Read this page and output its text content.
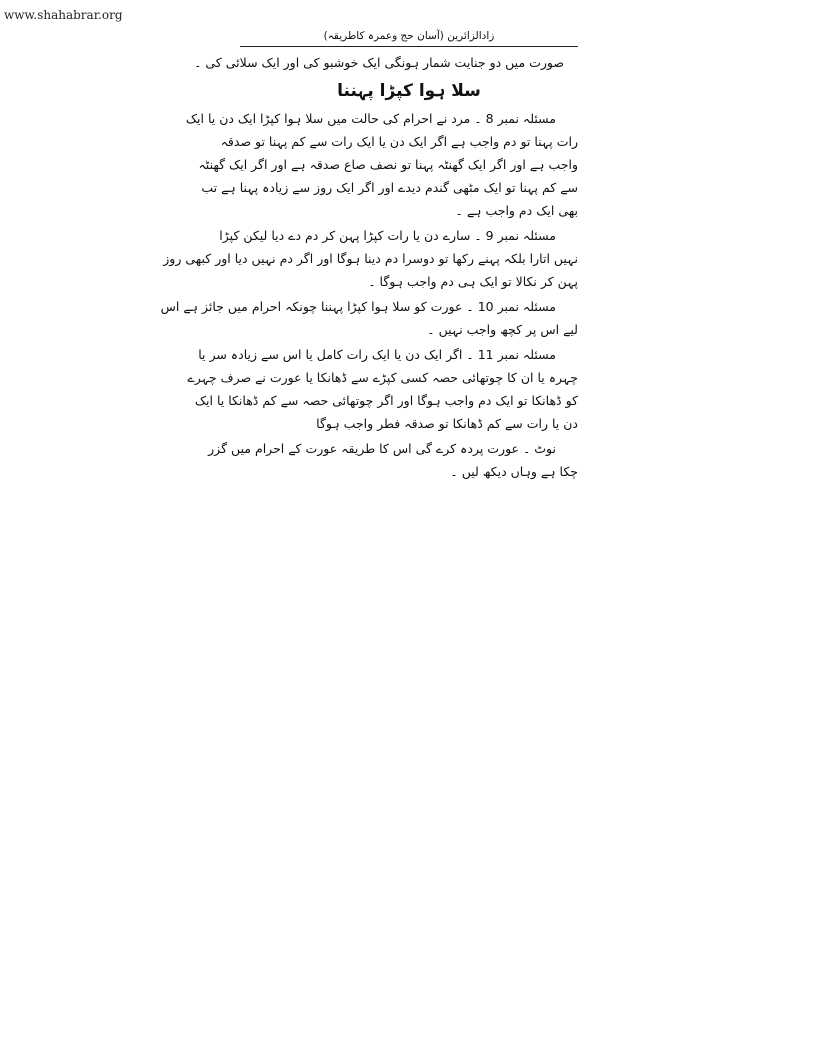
www.shahabrar.org
زادالزائرین (آسان حج وعمرہ کاطریقہ)
صورت میں دو جنایت شمار ہونگی ایک خوشبو کی اور ایک سلائی کی ۔
سلا ہوا کپڑا پہننا
مسئلہ نمبر 8 ۔ مرد نے احرام کی حالت میں سلا ہوا کپڑا ایک دن یا ایک
رات پہنا تو دم واجب ہے اگر ایک دن یا ایک رات سے کم پہنا تو صدقہ
واجب ہے اور اگر ایک گھنٹہ پہنا تو نصف صاع صدقہ ہے اور اگر ایک گھنٹہ
سے کم پہنا تو ایک مٹھی گندم دیدے اور اگر ایک روز سے زیادہ پہنا ہے تب
بھی ایک دم واجب ہے ۔
مسئلہ نمبر 9 ۔ سارے دن یا رات کپڑا پہن کر دم دے دیا لیکن کپڑا
نہیں اتارا بلکہ پہنے رکھا تو دوسرا دم دینا ہوگا اور اگر دم نہیں دیا اور کبھی روز
پہن کر نکالا تو ایک ہی دم واجب ہوگا ۔
مسئلہ نمبر 10 ۔ عورت کو سلا ہوا کپڑا پہننا چونکہ احرام میں جائز ہے اس
لیے اس پر کچھ واجب نہیں ۔
مسئلہ نمبر 11 ۔ اگر ایک دن یا ایک رات کامل یا اس سے زیادہ سر یا
چہرہ یا ان کا چوتھائی حصہ کسی کپڑے سے ڈھانکا یا عورت نے صرف چہرے
کو ڈھانکا تو ایک دم واجب ہوگا اور اگر چوتھائی حصہ سے کم ڈھانکا یا ایک
دن یا رات سے کم ڈھانکا تو صدقہ فطر واجب ہوگا
نوٹ ۔ عورت پردہ کرے گی اس کا طریقہ عورت کے احرام میں گزر
چکا ہے وہاں دیکھ لیں ۔
